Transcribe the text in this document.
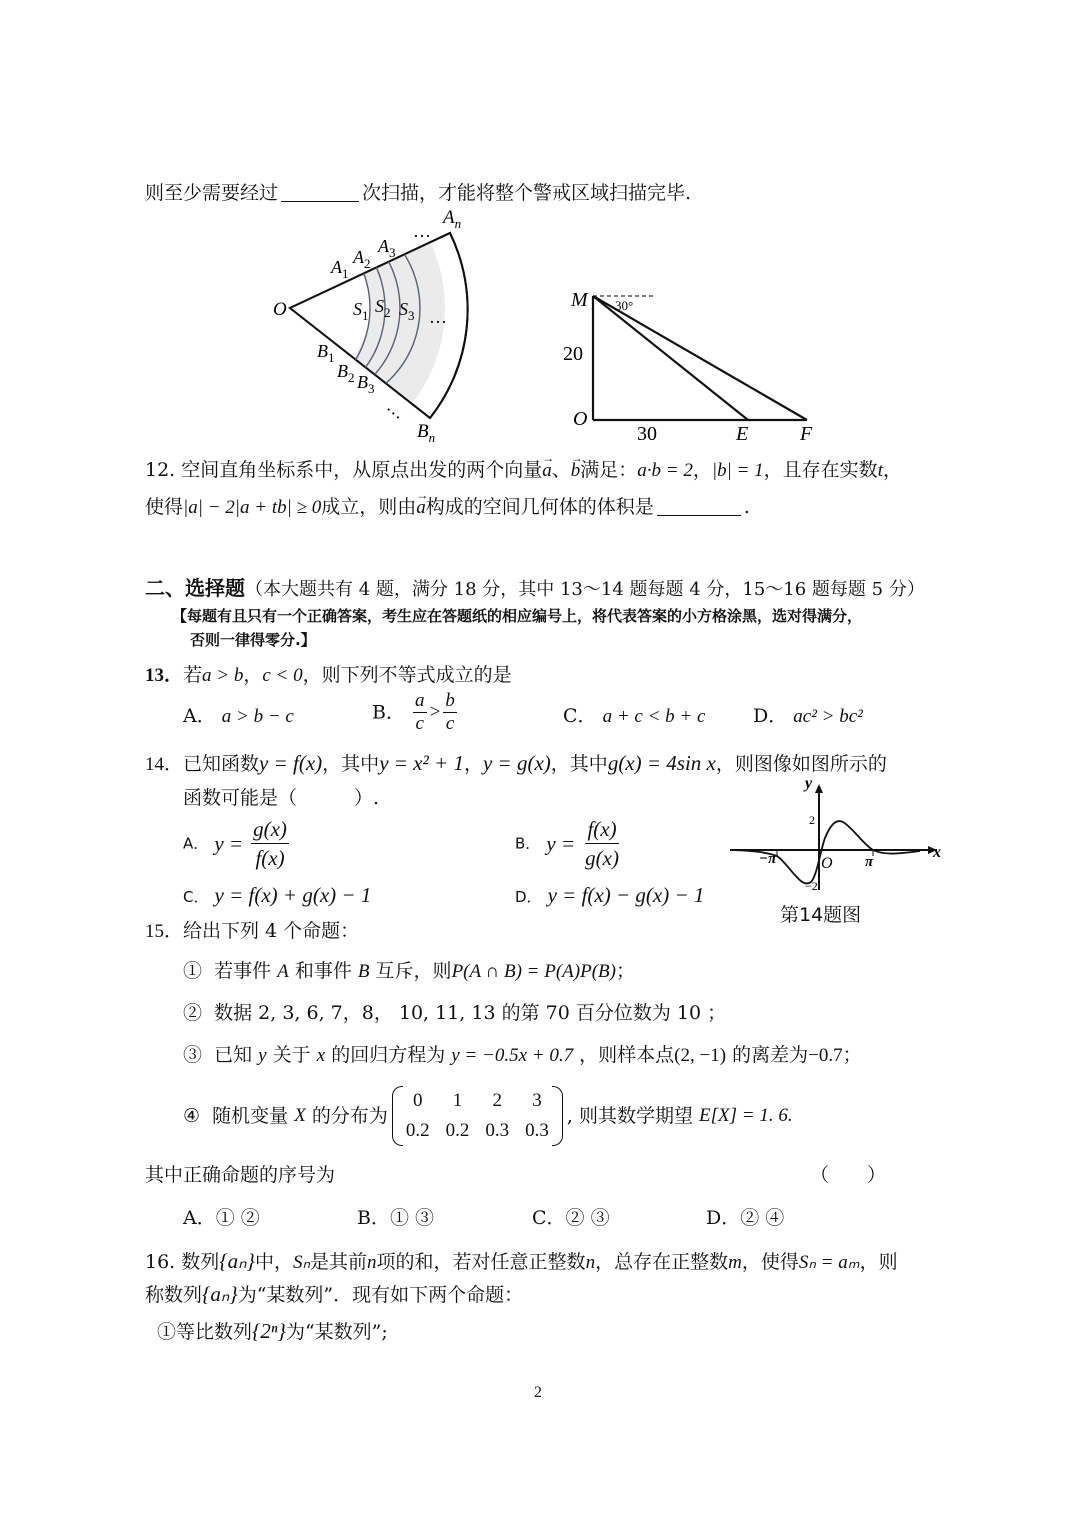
则至少需要经过	次扫描，才能将整个警戒区域扫描完毕.
O
$A_1$
$A_2$
$A_3$
…
$A_n$
$S_1$ $S_2$ $S_3$ …
$B_1$
$B_2$ $B_3$
…
$B_n$
M 30°
20
O
30	E	F
12. 空间直角坐标系中，从原点出发的两个向量→ a、→ b满足：a·b = 2，|b| = 1，且存在实数t，
使得|a| − 2|a + tb| ≥ 0成立，则由→ a构成的空间几何体的体积是	.
二、选择题（本大题共有 4 题，满分 18 分，其中 13～14 题每题 4 分，15～16 题每题 5 分）
【每题有且只有一个正确答案，考生应在答题纸的相应编号上，将代表答案的小方格涂黑，选对得满分，
否则一律得零分.】
13．若a > b，c < 0，则下列不等式成立的是
A． a > b − c	B． $\frac{a}{c} > \frac{b}{c}$	C． a + c < b + c	D． ac² > bc²
14．已知函数y = f(x)，其中y = x² + 1，y = g(x)，其中g(x) = 4sin x，则图像如图所示的
函数可能是（　　　）.
A． $y = \frac{g(x)}{f(x)}$	B． $y = \frac{f(x)}{g(x)}$
C． y = f(x) + g(x) − 1	D． y = f(x) − g(x) − 1
y
x
O
−π	π
2
−2
第14题图
15．给出下列 4 个命题：
① 若事件 A 和事件 B 互斥，则P(A ∩ B) = P(A)P(B)；
② 数据 2, 3, 6, 7，8， 10, 11, 13 的第 70 百分位数为 10 ；
③ 已知 y 关于 x 的回归方程为 y = −0.5x + 0.7 ，则样本点(2, −1) 的离差为−0.7；
④
随机变量
X
的分布为
0	1	2	3
0.2	0.2	0.3	0.3
, 则其数学期望
E[X] = 1. 6.
其中正确命题的序号为	（　　）
A．① ②	B．① ③	C．② ③	D．② ④
16. 数列{aₙ}中，Sₙ是其前n项的和，若对任意正整数n，总存在正整数m，使得Sₙ = aₘ，则
称数列{aₙ}为“某数列”．现有如下两个命题：
①等比数列{2ⁿ}为“某数列”;
2
